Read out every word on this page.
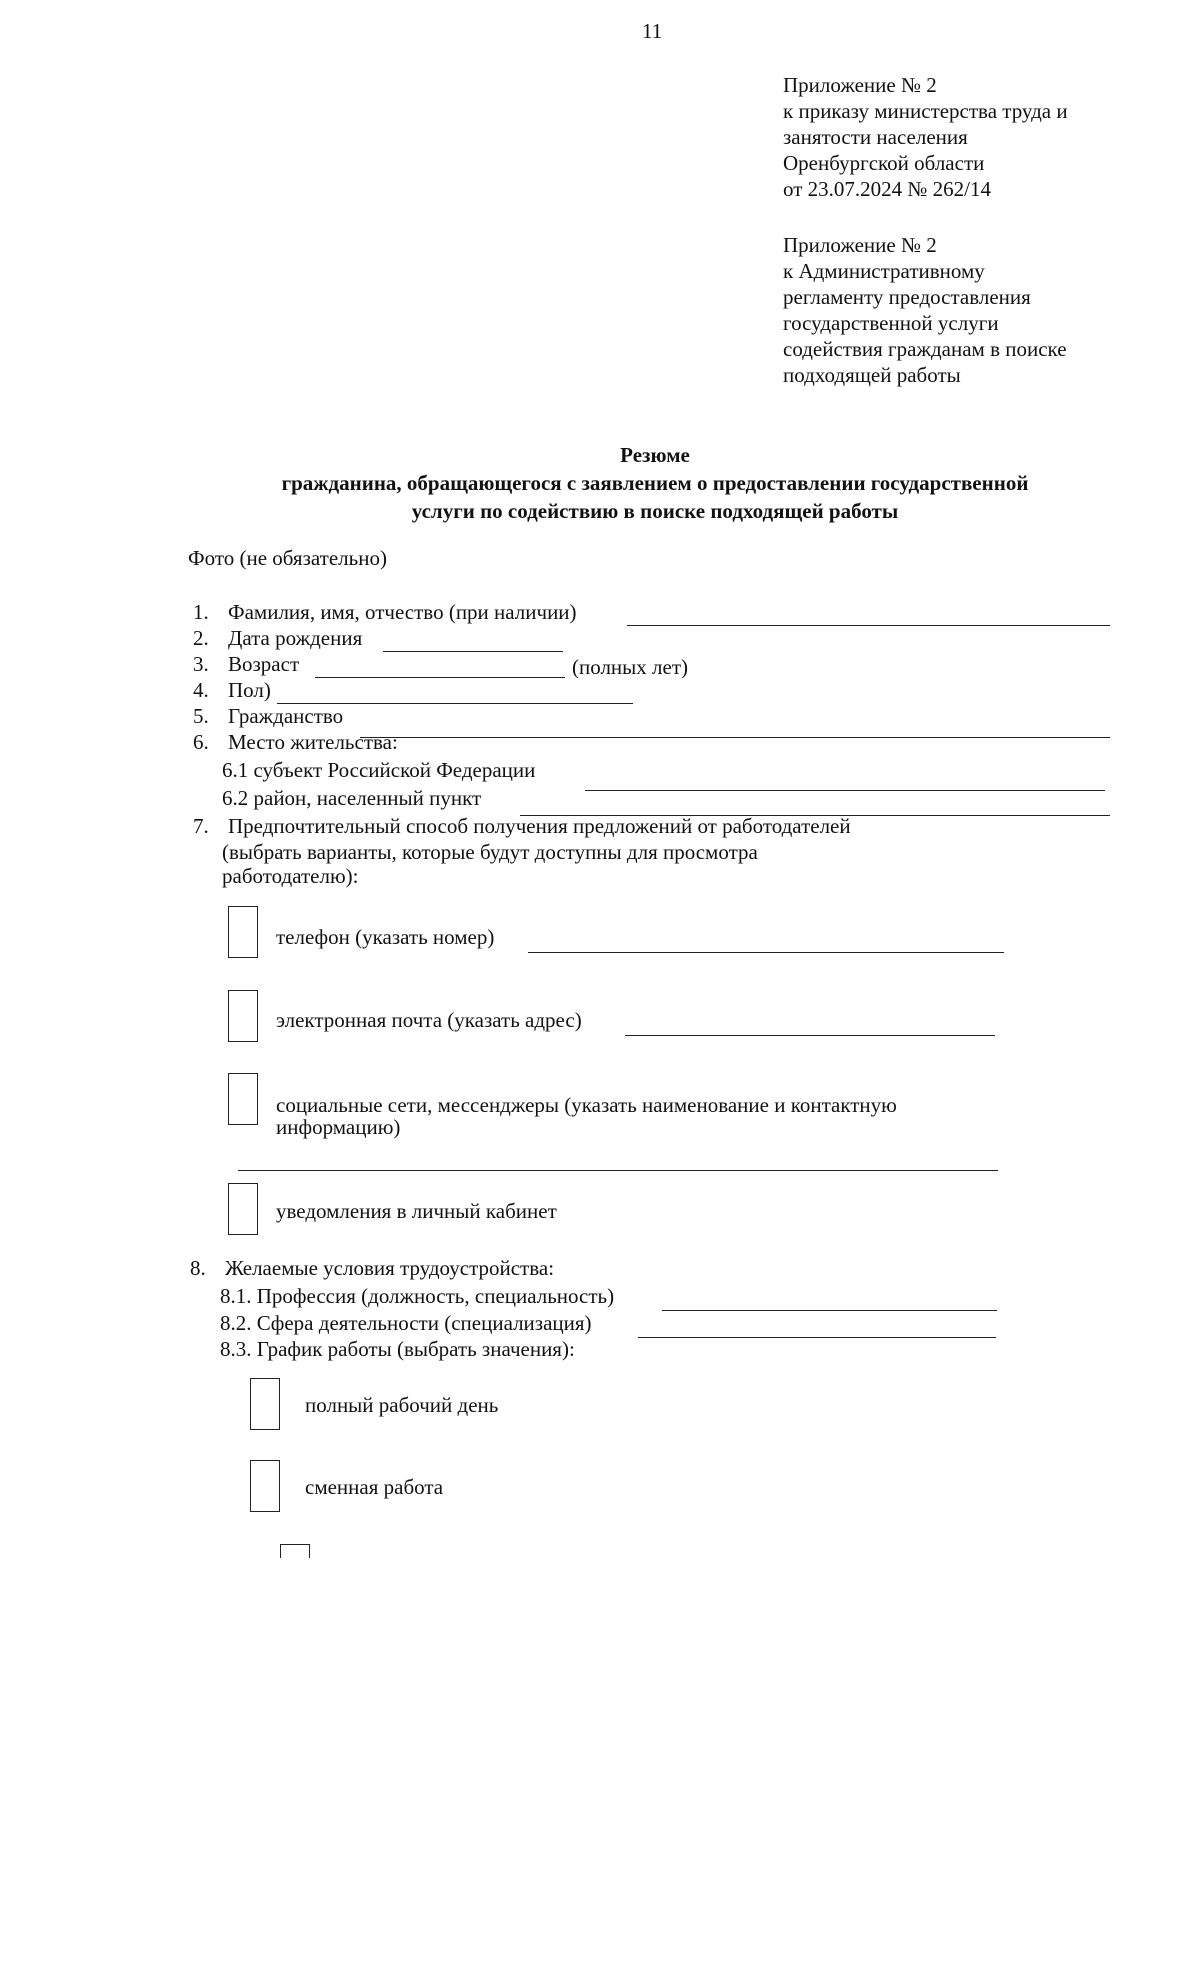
11
Приложение № 2
к приказу министерства труда и
занятости населения
Оренбургской области
от 23.07.2024 № 262/14
Приложение № 2
к Административному
регламенту предоставления
государственной услуги
содействия гражданам в поиске
подходящей работы
Резюме
гражданина, обращающегося с заявлением о предоставлении государственной
услуги по содействию в поиске подходящей работы
Фото (не обязательно)
1. Фамилия, имя, отчество (при наличии)
2. Дата рождения
3. Возраст	(полных лет)
4. Пол)
5. Гражданство
6. Место жительства:
6.1 субъект Российской Федерации
6.2 район, населенный пункт
7. Предпочтительный способ получения предложений от работодателей
(выбрать варианты, которые будут доступны для просмотра
работодателю):
телефон (указать номер)
электронная почта (указать адрес)
социальные сети, мессенджеры (указать наименование и контактную
информацию)
уведомления в личный кабинет
8. Желаемые условия трудоустройства:
8.1. Профессия (должность, специальность)
8.2. Сфера деятельности (специализация)
8.3. График работы (выбрать значения):
полный рабочий день
сменная работа
